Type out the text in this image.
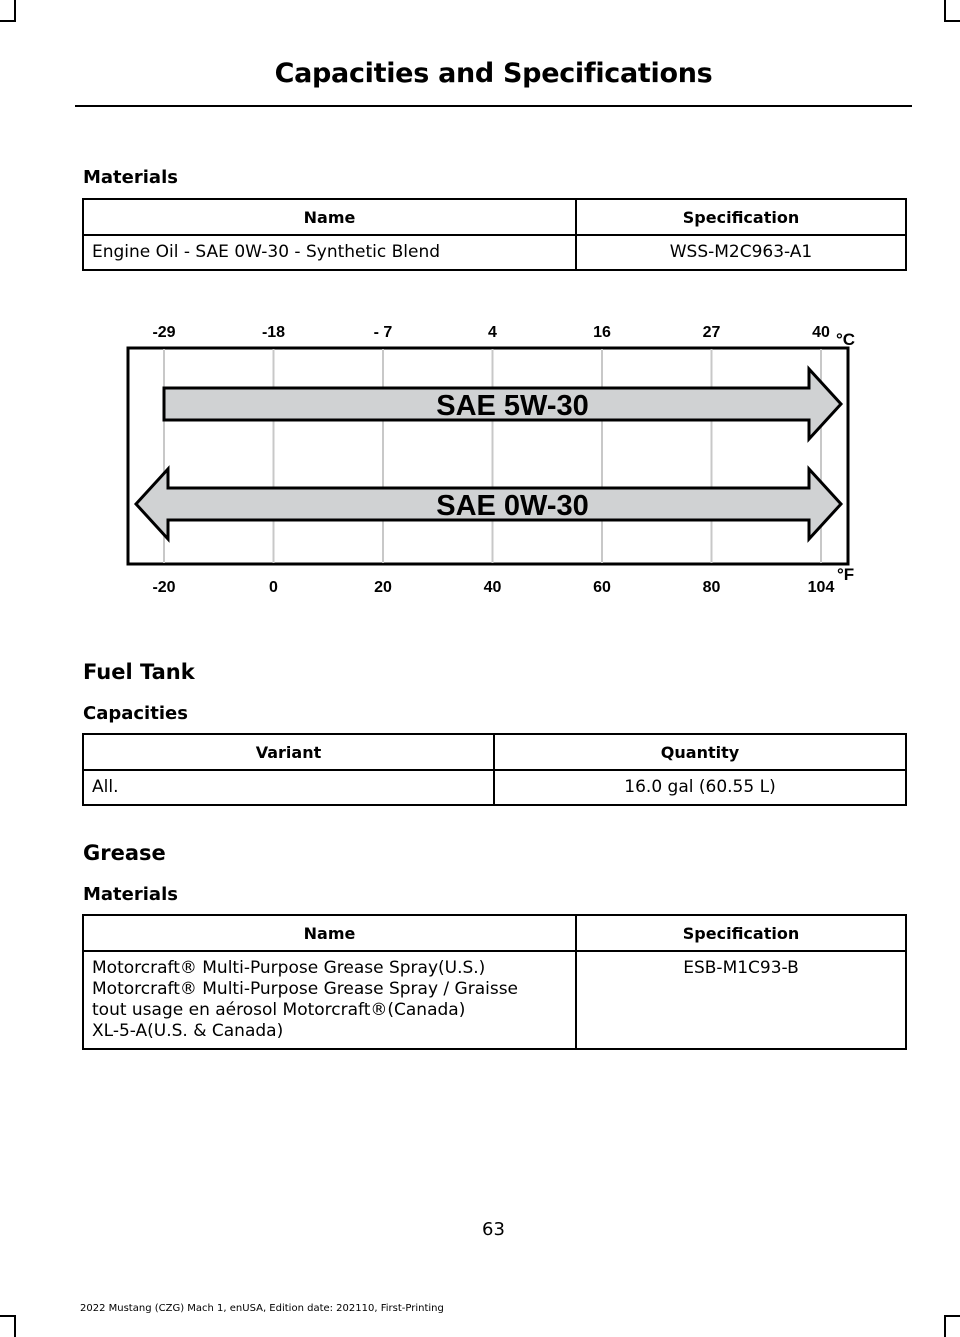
Capacities and Specifications
Materials
Name	Specification
Engine Oil - SAE 0W-30 - Synthetic Blend	WSS-M2C963-A1
SAE 5W-30
SAE 0W-30
-29	-18	- 7	4	16	27	40
-20	0	20	40	60	80	104
°C
°F
Fuel Tank
Capacities
Variant	Quantity
All.	16.0 gal (60.55 L)
Grease
Materials
Name	Specification

Motorcraft® Multi-Purpose Grease Spray(U.S.)
Motorcraft® Multi-Purpose Grease Spray / Graisse
tout usage en aérosol Motorcraft®(Canada)
XL-5-A(U.S. & Canada)	ESB-M1C93-B
63
2022 Mustang (CZG) Mach 1, enUSA, Edition date: 202110, First-Printing
